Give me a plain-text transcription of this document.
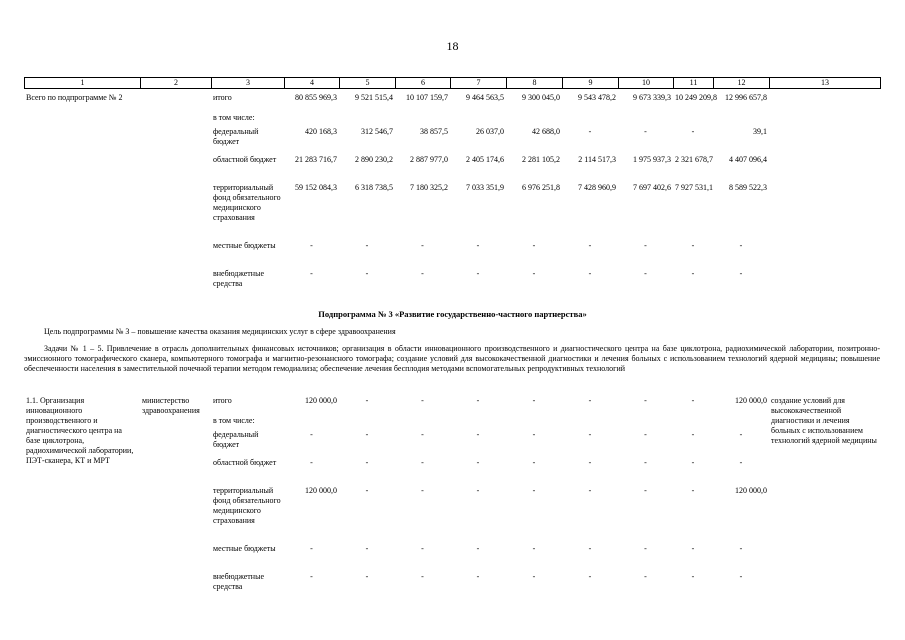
18
1	2	3	4	5	6	7	8	9	10	11	12	13
Всего по подпрограмме № 2		итого	80 855 969,3	9 521 515,4	10 107 159,7	9 464 563,5	9 300 045,0	9 543 478,2	9 673 339,3	10 249 209,8	12 996 657,8	
		в том числе:										
		федеральный бюджет	420 168,3	312 546,7	38 857,5	26 037,0	42 688,0	-	-	-	39,1	
		областной бюджет	21 283 716,7	2 890 230,2	2 887 977,0	2 405 174,6	2 281 105,2	2 114 517,3	1 975 937,3	2 321 678,7	4 407 096,4	
		территориальный фонд обязательного медицинского страхования	59 152 084,3	6 318 738,5	7 180 325,2	7 033 351,9	6 976 251,8	7 428 960,9	7 697 402,6	7 927 531,1	8 589 522,3	
		местные бюджеты	-	-	-	-	-	-	-	-	-	
		внебюджетные средства	-	-	-	-	-	-	-	-	-	
Подпрограмма № 3 «Развитие государственно-частного партнерства»
Цель подпрограммы № 3 – повышение качества оказания медицинских услуг в сфере здравоохранения
Задачи № 1 – 5. Привлечение в отрасль дополнительных финансовых источников; организация в области инновационного производственного и диагностического центра на базе циклотрона, радиохимической лаборатории, позитронно-эмиссионного томографического сканера, компьютерного томографа и магнитно-резонансного томографа; создание условий для высококачественной диагностики и лечения больных с использованием технологий ядерной медицины; повышение обеспеченности населения в заместительной почечной терапии методом гемодиализа; обеспечение лечения бесплодия методами вспомогательных репродуктивных технологий
1.1. Организация инновационного производственного и диагностического центра на базе циклотрона, радиохимической лаборатории, ПЭТ-сканера, КТ и МРТ	министерство здравоохранения	итого	120 000,0	-	-	-	-	-	-	-	120 000,0	создание условий для высококачественной диагностики и лечения больных с использованием технологий ядерной медицины
		в том числе:										
		федеральный бюджет	-	-	-	-	-	-	-	-	-	
		областной бюджет	-	-	-	-	-	-	-	-	-	
		территориальный фонд обязательного медицинского страхования	120 000,0	-	-	-	-	-	-	-	120 000,0	
		местные бюджеты	-	-	-	-	-	-	-	-	-	
		внебюджетные средства	-	-	-	-	-	-	-	-	-	
